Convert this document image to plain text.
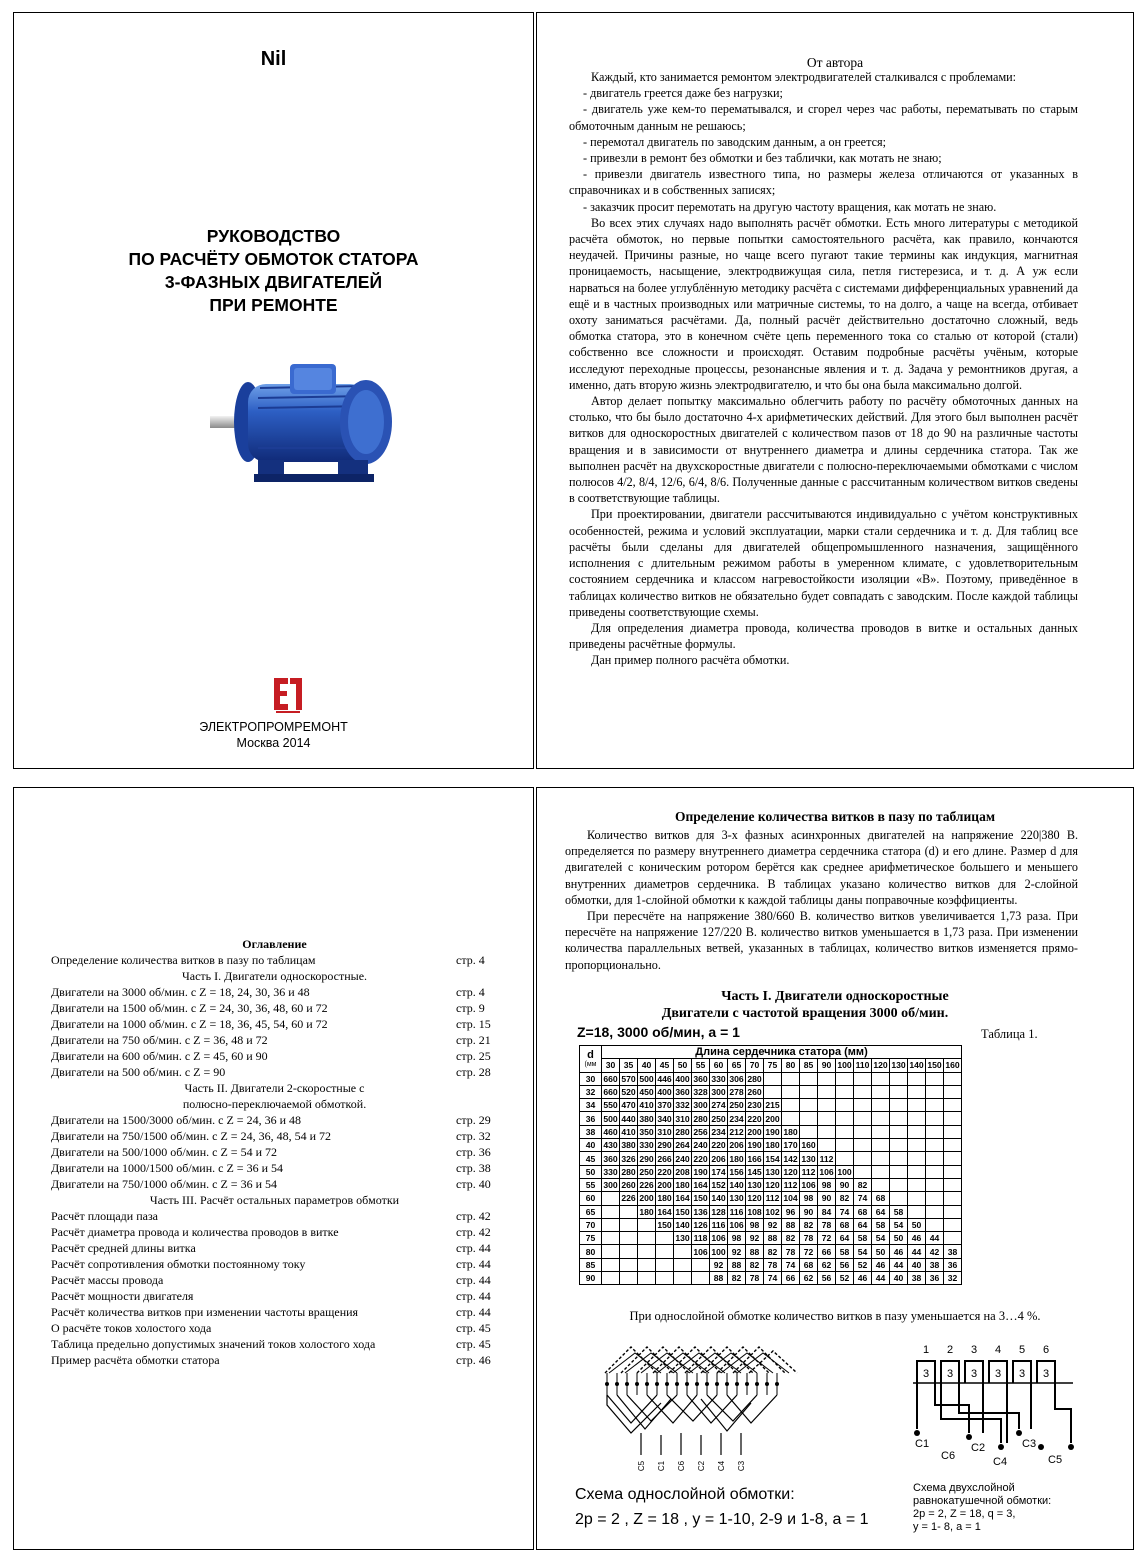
Nil
РУКОВОДСТВО
ПО РАСЧЁТУ ОБМОТОК СТАТОРА
3-ФАЗНЫХ ДВИГАТЕЛЕЙ
ПРИ РЕМОНТЕ
ЭЛЕКТРОПРОМРЕМОНТ
Москва 2014
От автора

Каждый, кто занимается ремонтом электродвигателей сталкивался с проблемами:

- двигатель греется даже без нагрузки;

- двигатель уже кем-то перематывался, и сгорел через час работы, перематывать по старым обмоточным данным не решаюсь;

- перемотал двигатель по заводским данным, а он греется;

- привезли в ремонт без обмотки и без таблички, как мотать не знаю;

- привезли двигатель известного типа, но размеры железа отличаются от указанных в справочниках и в собственных записях;

- заказчик просит перемотать на другую частоту вращения, как мотать не знаю.

Во всех этих случаях надо выполнять расчёт обмотки. Есть много литературы с методикой расчёта обмоток, но первые попытки самостоятельного расчёта, как правило, кончаются неудачей. Причины разные, но чаще всего пугают такие термины как индукция, магнитная проницаемость, насыщение, электродвижущая сила, петля гистерезиса, и т. д. А уж если нарваться на более углублённую методику расчёта с системами дифференциальных уравнений да ещё и в частных производных или матричные системы, то на долго, а чаще на всегда, отбивает охоту заниматься расчётами. Да, полный расчёт действительно достаточно сложный, ведь обмотка статора, это в конечном счёте цепь переменного тока со сталью от которой (стали) собственно все сложности и происходят. Оставим подробные расчёты учёным, которые исследуют переходные процессы, резонансные явления и т. д. Задача у ремонтников другая, а именно, дать вторую жизнь электродвигателю, и что бы она была максимально долгой.

Автор делает попытку максимально облегчить работу по расчёту обмоточных данных на столько, что бы было достаточно 4-х арифметических действий. Для этого был выполнен расчёт витков для односкоростных двигателей с количеством пазов от 18 до 90 на различные частоты вращения и в зависимости от внутреннего диаметра и длины сердечника статора. Так же выполнен расчёт на двухскоростные двигатели с полюсно-переключаемыми обмотками с числом полюсов 4/2, 8/4, 12/6, 6/4, 8/6. Полученные данные с рассчитанным количеством витков сведены в соответствующие таблицы.

При проектировании, двигатели рассчитываются индивидуально с учётом конструктивных особенностей, режима и условий эксплуатации, марки стали сердечника и т. д. Для таблиц все расчёты были сделаны для двигателей общепромышленного назначения, защищённого исполнения с длительным режимом работы в умеренном климате, с удовлетворительным состоянием сердечника и классом нагревостойкости изоляции «В». Поэтому, приведённое в таблицах количество витков не обязательно будет совпадать с заводским. После каждой таблицы приведены соответствующие схемы.

Для определения диаметра провода, количества проводов в витке и остальных данных приведены расчётные формулы.

Дан пример полного расчёта обмотки.

Оглавление
Определение количества витков в пазу по таблицам	стр. 4
Часть I. Двигатели односкоростные.
Двигатели на 3000 об/мин. с Z = 18, 24, 30, 36 и 48	стр. 4
Двигатели на 1500 об/мин. с Z = 24, 30, 36, 48, 60 и 72	стр. 9
Двигатели на 1000 об/мин. с Z = 18, 36, 45, 54, 60 и 72	стр. 15
Двигатели на 750 об/мин. с Z = 36, 48 и 72	стр. 21
Двигатели на 600 об/мин. с Z = 45, 60 и 90	стр. 25
Двигатели на 500 об/мин. с Z = 90	стр. 28
Часть II. Двигатели 2-скоростные с
полюсно-переключаемой обмоткой.
Двигатели на 1500/3000 об/мин. с Z = 24, 36 и 48	стр. 29
Двигатели на 750/1500 об/мин. с Z = 24, 36, 48, 54 и 72	стр. 32
Двигатели на 500/1000 об/мин. с Z = 54 и 72	стр. 36
Двигатели на 1000/1500 об/мин. с Z = 36 и 54	стр. 38
Двигатели на 750/1000 об/мин. с Z = 36 и 54	стр. 40
Часть III. Расчёт остальных параметров обмотки
Расчёт площади паза	стр. 42
Расчёт диаметра провода и количества проводов в витке	стр. 42
Расчёт средней длины витка	стр. 44
Расчёт сопротивления обмотки постоянному току	стр. 44
Расчёт массы провода	стр. 44
Расчёт мощности двигателя	стр. 44
Расчёт количества витков при изменении частоты вращения	стр. 44
О расчёте токов холостого хода	стр. 45
Таблица предельно допустимых значений токов холостого хода	стр. 45
Пример расчёта обмотки статора	стр. 46
Определение количества витков в пазу по таблицам

Количество витков для 3-х фазных асинхронных двигателей на напряжение 220|380 В. определяется по размеру внутреннего диаметра сердечника статора (d) и его длине. Размер d для двигателей с коническим ротором берётся как среднее арифметическое большего и меньшего внутренних диаметров сердечника. В таблицах указано количество витков для 2-слойной обмотки, для 1-слойной обмотки к каждой таблицы даны поправочные коэффициенты.

При пересчёте на напряжение 380/660 В. количество витков увеличивается 1,73 раза. При пересчёте на напряжение 127/220 В. количество витков уменьшается в 1,73 раза. При изменении количества параллельных ветвей, указанных в таблицах, количество витков изменяется прямо-пропорционально.

Часть I. Двигатели односкоростные
Двигатели с частотой вращения 3000 об/мин.
Z=18, 3000 об/мин, а = 1	Таблица 1.
d
(мм	Длина сердечника статора (мм)																			
	30	35	40	45	50	55	60	65	70	75	80	85	90	100	110	120	130	140	150	160
30	660	570	500	446	400	360	330	306	280											
32	660	520	450	400	360	328	300	278	260											
34	550	470	410	370	332	300	274	250	230	215										
36	500	440	380	340	310	280	250	234	220	200										
38	460	410	350	310	280	256	234	212	200	190	180									
40	430	380	330	290	264	240	220	206	190	180	170	160								
45	360	326	290	266	240	220	206	180	166	154	142	130	112							
50	330	280	250	220	208	190	174	156	145	130	120	112	106	100						
55	300	260	226	200	180	164	152	140	130	120	112	106	98	90	82					
60		226	200	180	164	150	140	130	120	112	104	98	90	82	74	68				
65			180	164	150	136	128	116	108	102	96	90	84	74	68	64	58			
70				150	140	126	116	106	98	92	88	82	78	68	64	58	54	50		
75					130	118	106	98	92	88	82	78	72	64	58	54	50	46	44	
80						106	100	92	88	82	78	72	66	58	54	50	46	44	42	38
85							92	88	82	78	74	68	62	56	52	46	44	40	38	36
90							88	82	78	74	66	62	56	52	46	44	40	38	36	32
При однослойной обмотке количество витков в пазу уменьшается на 3…4 %.
C5 C1 C6 C2 C4 C3
1 2 3 4 5 6
3 3 3 3 3 3
C1
C6
C2
C4
C3
C5
Схема однослойной обмотки:
2р = 2 , Z = 18 , y = 1-10, 2-9 и 1-8, a = 1
Схема двухслойной
равнокатушечной обмотки:
2р = 2, Z = 18, q = 3,
y = 1- 8, a = 1
